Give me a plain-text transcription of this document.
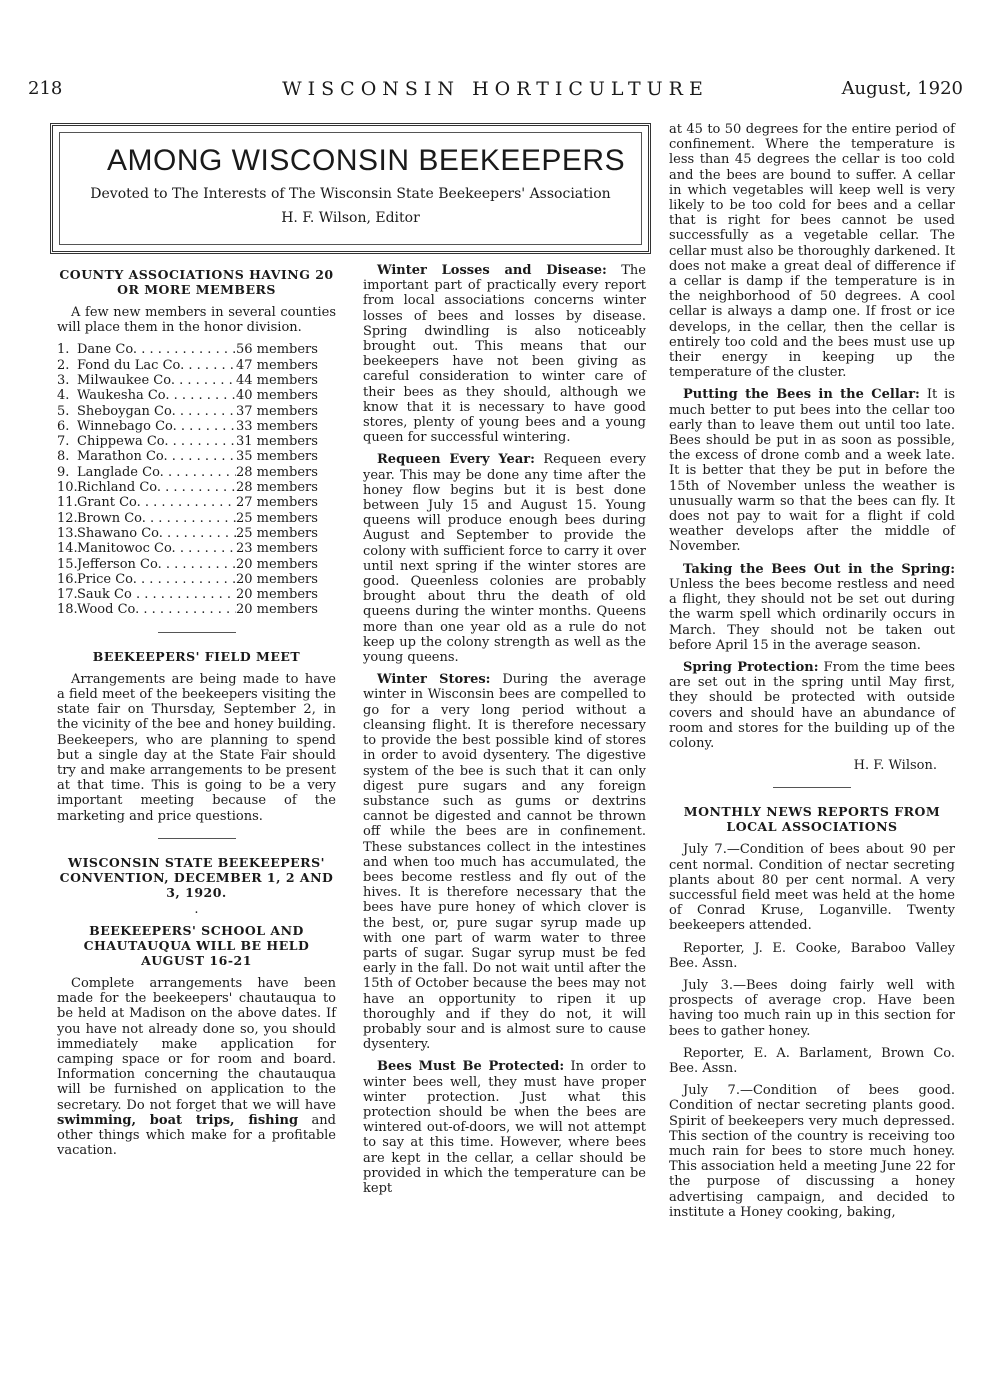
218	WISCONSIN HORTICULTURE	August, 1920
AMONG WISCONSIN BEEKEEPERS
Devoted to The Interests of The Wisconsin State Beekeepers' Association
H. F. Wilson, Editor
COUNTY ASSOCIATIONS HAVING 20 OR MORE MEMBERS

A few new members in several counties will place them in the honor division.

1. Dane Co. . . .	56 members
2. Fond du Lac Co. . . .	47 members
3. Milwaukee Co. . . .	44 members
4. Waukesha Co. . . .	40 members
5. Sheboygan Co. . . .	37 members
6. Winnebago Co. . . .	33 members
7. Chippewa Co. . . .	31 members
8. Marathon Co. . . .	35 members
9. Langlade Co. . . .	28 members
10. Richland Co. . . .	28 members
11. Grant Co. . . .	27 members
12. Brown Co. . . .	25 members
13. Shawano Co. . . .	25 members
14. Manitowoc Co. . . .	23 members
15. Jefferson Co. . . .	20 members
16. Price Co. . . .	20 members
17. Sauk Co . . .	20 members
18. Wood Co. . . .	20 members
BEEKEEPERS' FIELD MEET

Arrangements are being made to have a field meet of the beekeepers visiting the state fair on Thursday, September 2, in the vicinity of the bee and honey building. Beekeepers, who are planning to spend but a single day at the State Fair should try and make arrangements to be present at that time. This is going to be a very important meeting because of the marketing and price questions.

WISCONSIN STATE BEEKEEPERS' CONVENTION, DECEMBER 1, 2 AND 3, 1920.
.
BEEKEEPERS' SCHOOL AND CHAUTAUQUA WILL BE HELD AUGUST 16-21

Complete arrangements have been made for the beekeepers' chautauqua to be held at Madison on the above dates. If you have not already done so, you should immediately make application for camping space or for room and board. Information concerning the chautauqua will be furnished on application to the secretary. Do not forget that we will have swimming, boat trips, fishing and other things which make for a profitable vacation.

Winter Losses and Disease: The important part of practically every report from local associations concerns winter losses of bees and losses by disease. Spring dwindling is also noticeably brought out. This means that our beekeepers have not been giving as careful consideration to winter care of their bees as they should, although we know that it is necessary to have good stores, plenty of young bees and a young queen for successful wintering.

Requeen Every Year: Requeen every year. This may be done any time after the honey flow begins but it is best done between July 15 and August 15. Young queens will produce enough bees during August and September to provide the colony with sufficient force to carry it over until next spring if the winter stores are good. Queenless colonies are probably brought about thru the death of old queens during the winter months. Queens more than one year old as a rule do not keep up the colony strength as well as the young queens.

Winter Stores: During the average winter in Wisconsin bees are compelled to go for a very long period without a cleansing flight. It is therefore necessary to provide the best possible kind of stores in order to avoid dysentery. The digestive system of the bee is such that it can only digest pure sugars and any foreign substance such as gums or dextrins cannot be digested and cannot be thrown off while the bees are in confinement. These substances collect in the intestines and when too much has accumulated, the bees become restless and fly out of the hives. It is therefore necessary that the bees have pure honey of which clover is the best, or, pure sugar syrup made up with one part of warm water to three parts of sugar. Sugar syrup must be fed early in the fall. Do not wait until after the 15th of October because the bees may not have an opportunity to ripen it up thoroughly and if they do not, it will probably sour and is almost sure to cause dysentery.

Bees Must Be Protected: In order to winter bees well, they must have proper winter protection. Just what this protection should be when the bees are wintered out-of-doors, we will not attempt to say at this time. However, where bees are kept in the cellar, a cellar should be provided in which the temperature can be kept

at 45 to 50 degrees for the entire period of confinement. Where the temperature is less than 45 degrees the cellar is too cold and the bees are bound to suffer. A cellar in which vegetables will keep well is very likely to be too cold for bees and a cellar that is right for bees cannot be used successfully as a vegetable cellar. The cellar must also be thoroughly darkened. It does not make a great deal of difference if a cellar is damp if the temperature is in the neighborhood of 50 degrees. A cool cellar is always a damp one. If frost or ice develops, in the cellar, then the cellar is entirely too cold and the bees must use up their energy in keeping up the temperature of the cluster.

Putting the Bees in the Cellar: It is much better to put bees into the cellar too early than to leave them out until too late. Bees should be put in as soon as possible, the excess of drone comb and a week late. It is better that they be put in before the 15th of November unless the weather is unusually warm so that the bees can fly. It does not pay to wait for a flight if cold weather develops after the middle of November.

Taking the Bees Out in the Spring: Unless the bees become restless and need a flight, they should not be set out during the warm spell which ordinarily occurs in March. They should not be taken out before April 15 in the average season.

Spring Protection: From the time bees are set out in the spring until May first, they should be protected with outside covers and should have an abundance of room and stores for the building up of the colony.

H. F. Wilson.
MONTHLY NEWS REPORTS FROM LOCAL ASSOCIATIONS

July 7.—Condition of bees about 90 per cent normal. Condition of nectar secreting plants about 80 per cent normal. A very successful field meet was held at the home of Conrad Kruse, Loganville. Twenty beekeepers attended.

Reporter, J. E. Cooke, Baraboo Valley Bee. Assn.

July 3.—Bees doing fairly well with prospects of average crop. Have been having too much rain up in this section for bees to gather honey.

Reporter, E. A. Barlament, Brown Co. Bee. Assn.

July 7.—Condition of bees good. Condition of nectar secreting plants good. Spirit of beekeepers very much depressed. This section of the country is receiving too much rain for bees to store much honey. This association held a meeting June 22 for the purpose of discussing a honey advertising campaign, and decided to institute a Honey cooking, baking,
